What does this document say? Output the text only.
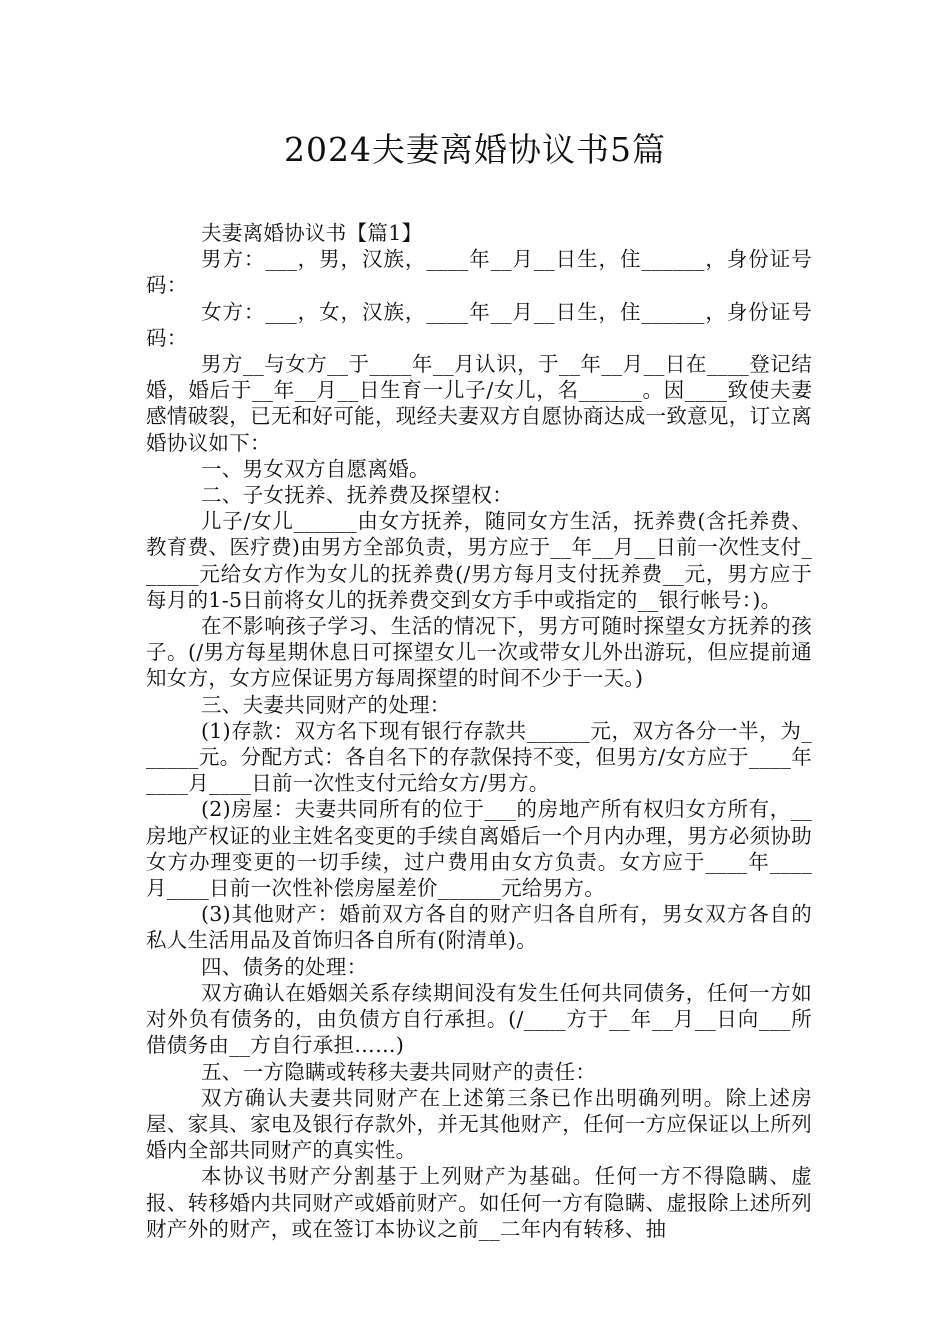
2024夫妻离婚协议书5篇

夫妻离婚协议书【篇1】

男方：___，男，汉族，____年__月__日生，住______，身份证号码：

女方：___，女，汉族，____年__月__日生，住______，身份证号码：

男方__与女方__于____年__月认识，于__年__月__日在____登记结婚，婚后于__年__月__日生育一儿子/女儿，名______。因____致使夫妻感情破裂，已无和好可能，现经夫妻双方自愿协商达成一致意见，订立离婚协议如下：

一、男女双方自愿离婚。

二、子女抚养、抚养费及探望权：

儿子/女儿______由女方抚养，随同女方生活，抚养费(含托养费、教育费、医疗费)由男方全部负责，男方应于__年__月__日前一次性支付______元给女方作为女儿的抚养费(/男方每月支付抚养费__元，男方应于每月的1-5日前将女儿的抚养费交到女方手中或指定的__银行帐号：)。

在不影响孩子学习、生活的情况下，男方可随时探望女方抚养的孩子。(/男方每星期休息日可探望女儿一次或带女儿外出游玩，但应提前通知女方，女方应保证男方每周探望的时间不少于一天。)

三、夫妻共同财产的处理：

(1)存款：双方名下现有银行存款共______元，双方各分一半，为______元。分配方式：各自名下的存款保持不变，但男方/女方应于____年____月____日前一次性支付元给女方/男方。

(2)房屋：夫妻共同所有的位于___的房地产所有权归女方所有，__房地产权证的业主姓名变更的手续自离婚后一个月内办理，男方必须协助女方办理变更的一切手续，过户费用由女方负责。女方应于____年____月____日前一次性补偿房屋差价______元给男方。

(3)其他财产：婚前双方各自的财产归各自所有，男女双方各自的私人生活用品及首饰归各自所有(附清单)。

四、债务的处理：

双方确认在婚姻关系存续期间没有发生任何共同债务，任何一方如对外负有债务的，由负债方自行承担。(/____方于__年__月__日向___所借债务由__方自行承担……)

五、一方隐瞒或转移夫妻共同财产的责任：

双方确认夫妻共同财产在上述第三条已作出明确列明。除上述房屋、家具、家电及银行存款外，并无其他财产，任何一方应保证以上所列婚内全部共同财产的真实性。

本协议书财产分割基于上列财产为基础。任何一方不得隐瞒、虚报、转移婚内共同财产或婚前财产。如任何一方有隐瞒、虚报除上述所列财产外的财产，或在签订本协议之前__二年内有转移、抽
